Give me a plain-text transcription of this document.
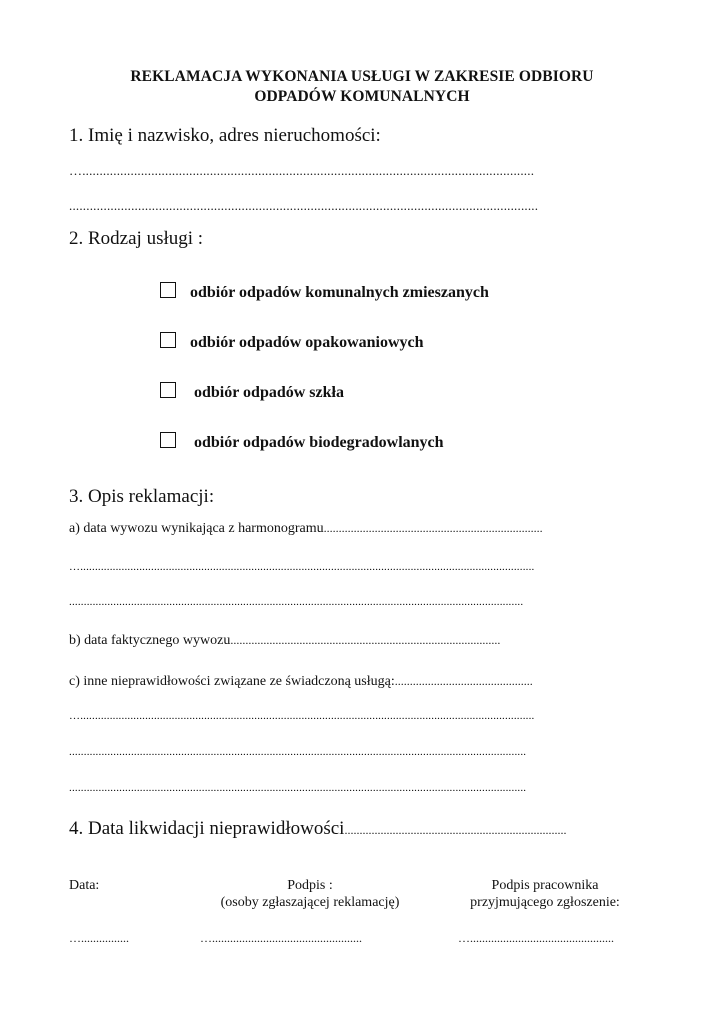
REKLAMACJA WYKONANIA USŁUGI W ZAKRESIE ODBIORU
ODPADÓW KOMUNALNYCH
1. Imię i nazwisko, adres nieruchomości:
…...................................................................................................................................
........................................................................................................................................
2. Rodzaj usługi :
odbiór odpadów komunalnych zmieszanych
odbiór odpadów opakowaniowych
odbiór odpadów szkła
odbiór odpadów biodegradowlanych
3. Opis reklamacji:
a) data wywozu wynikająca z harmonogramu.........................................................................
…..........................................................................................................................................................
..........................................................................................................................................................
b) data faktycznego wywozu..........................................................................................
c) inne nieprawidłowości związane ze świadczoną usługą:..............................................
…..........................................................................................................................................................
...........................................................................................................................................................
...........................................................................................................................................................
4. Data likwidacji nieprawidłowości..........................................................................
Data:	Podpis :
(osoby zgłaszającej reklamację)
Podpis pracownika
przyjmującego zgłoszenie:
…................	…..................................................	…................................................
